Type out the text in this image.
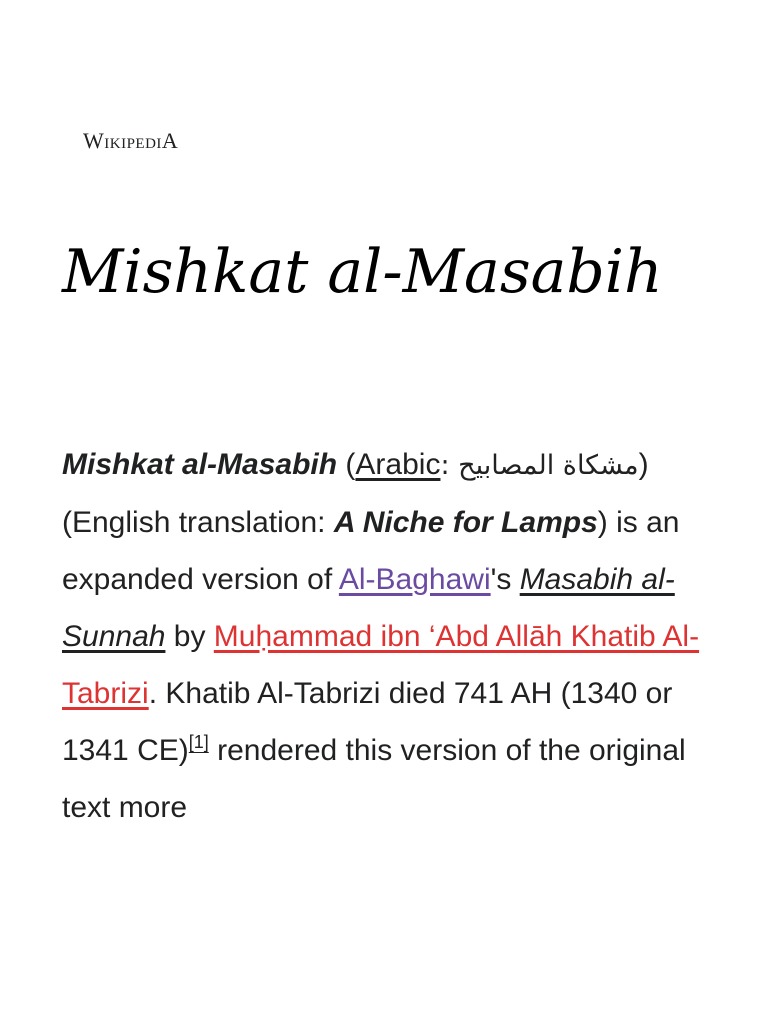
WIKIPEDIA
Mishkat al-Masabih

Mishkat al-Masabih (Arabic: مشكاة المصابيح) (English translation: A Niche for Lamps) is an expanded version of Al-Baghawi's Masabih al-Sunnah by Muḥammad ibn ‘Abd Allāh Khatib Al-Tabrizi. Khatib Al-Tabrizi died 741 AH (1340 or 1341 CE)[1] rendered this version of the original text more
